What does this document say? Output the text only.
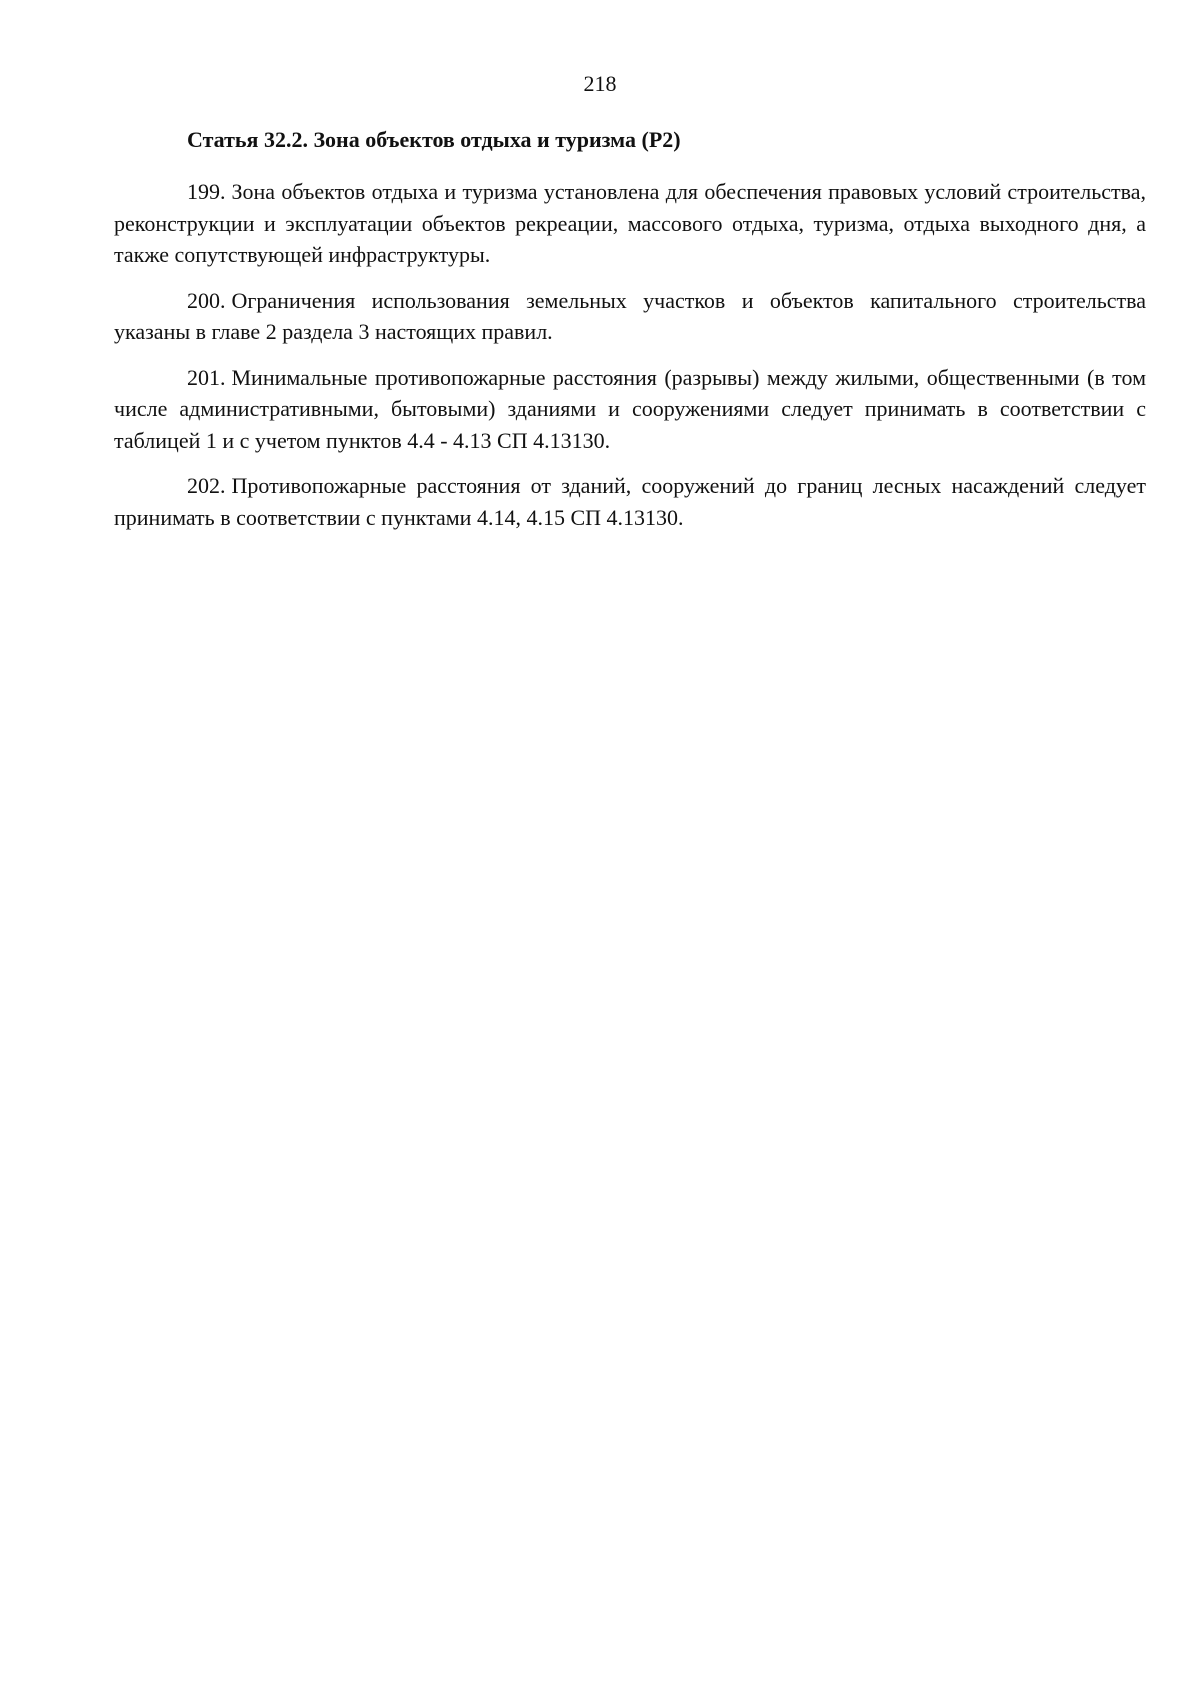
218
Статья 32.2. Зона объектов отдыха и туризма (Р2)

199. Зона объектов отдыха и туризма установлена для обеспечения правовых условий строительства, реконструкции и эксплуатации объектов рекреации, массового отдыха, туризма, отдыха выходного дня, а также сопутствующей инфраструктуры.

200. Ограничения использования земельных участков и объектов капитального строительства указаны в главе 2 раздела 3 настоящих правил.

201. Минимальные противопожарные расстояния (разрывы) между жилыми, общественными (в том числе административными, бытовыми) зданиями и сооружениями следует принимать в соответствии с таблицей 1 и с учетом пунктов 4.4 - 4.13 СП 4.13130.

202. Противопожарные расстояния от зданий, сооружений до границ лесных насаждений следует принимать в соответствии с пунктами 4.14, 4.15 СП 4.13130.
